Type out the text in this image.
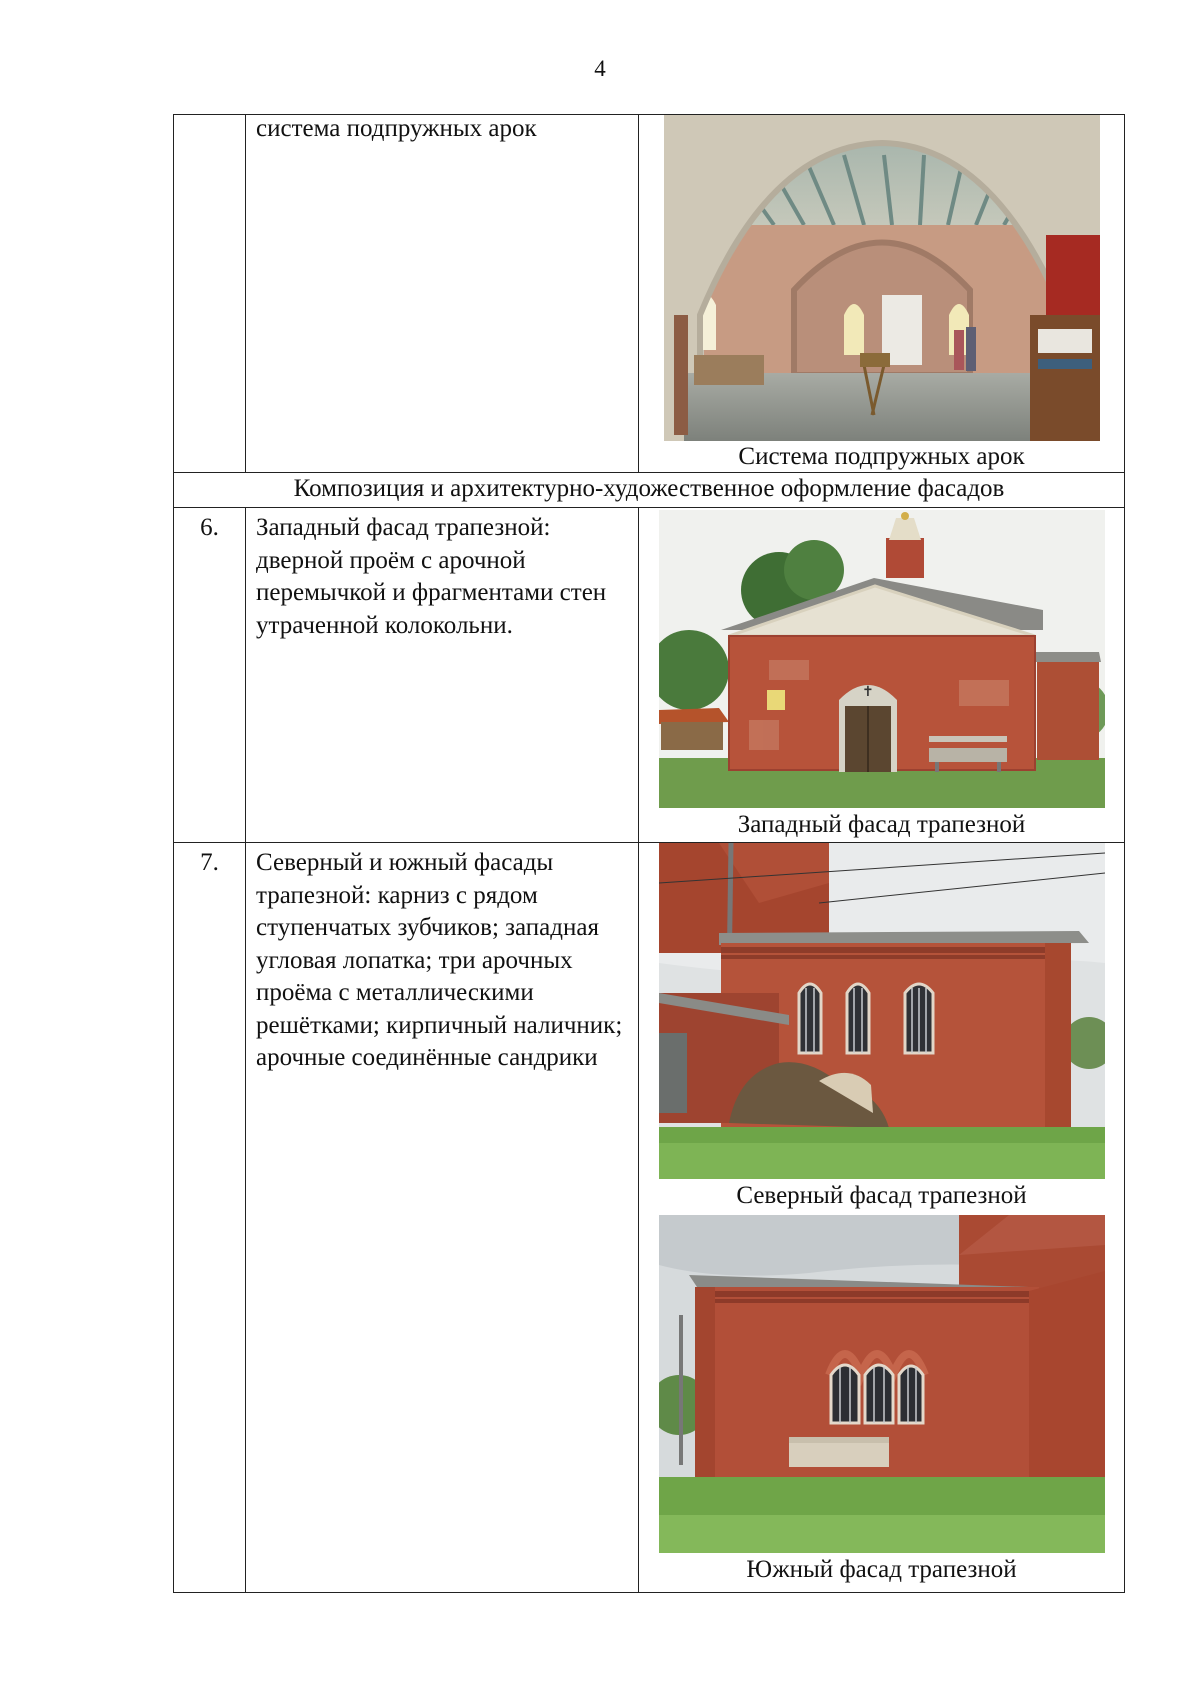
4

	система подпружных арок	Система подпружных арок

Композиция и архитектурно-художественное оформление фасадов		
6.	Западный фасад трапезной: дверной проём с арочной перемычкой и фрагментами стен утраченной колокольни.	✝
Западный фасад трапезной

7.	Северный и южный фасады трапезной: карниз с рядом ступенчатых зубчиков; западная угловая лопатка; три арочных проёма с металлическими решётками; кирпичный наличник; арочные соединённые сандрики	Северный фасад трапезной
Южный фасад трапезной
